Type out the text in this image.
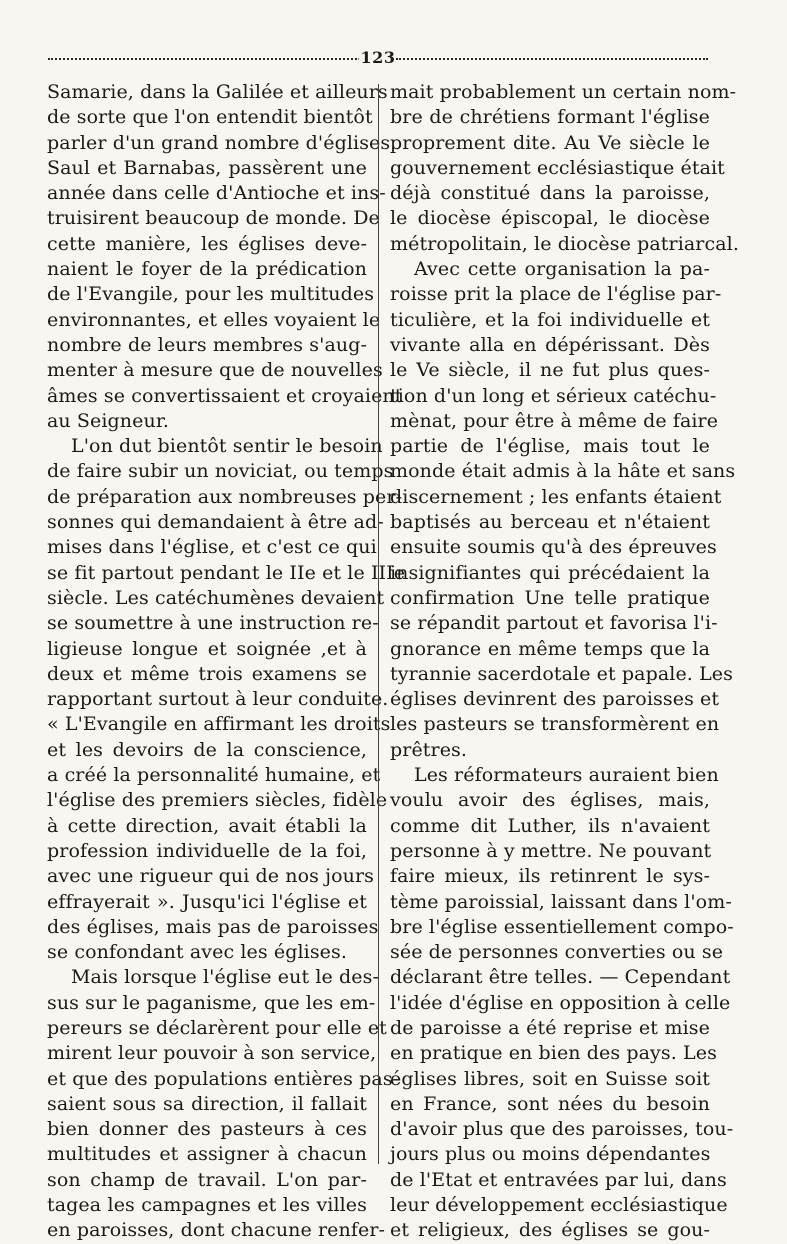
123
Samarie, dans la Galilée et ailleurs
de sorte que l'on entendit bientôt
parler d'un grand nombre d'églises.
Saul et Barnabas, passèrent une
année dans celle d'Antioche et ins-
truisirent beaucoup de monde. De
cette manière, les églises deve-
naient le foyer de la prédication
de l'Evangile, pour les multitudes
environnantes, et elles voyaient le
nombre de leurs membres s'aug-
menter à mesure que de nouvelles
âmes se convertissaient et croyaient
au Seigneur.
L'on dut bientôt sentir le besoin
de faire subir un noviciat, ou temps
de préparation aux nombreuses per-
sonnes qui demandaient à être ad-
mises dans l'église, et c'est ce qui
se fit partout pendant le IIe et le IIIe
siècle. Les catéchumènes devaient
se soumettre à une instruction re-
ligieuse longue et soignée ,et à
deux et même trois examens se
rapportant surtout à leur conduite.
« L'Evangile en affirmant les droits
et les devoirs de la conscience,
a créé la personnalité humaine, et
l'église des premiers siècles, fidèle
à cette direction, avait établi la
profession individuelle de la foi,
avec une rigueur qui de nos jours
effrayerait ». Jusqu'ici l'église et
des églises, mais pas de paroisses
se confondant avec les églises.
Mais lorsque l'église eut le des-
sus sur le paganisme, que les em-
pereurs se déclarèrent pour elle et
mirent leur pouvoir à son service,
et que des populations entières pas-
saient sous sa direction, il fallait
bien donner des pasteurs à ces
multitudes et assigner à chacun
son champ de travail. L'on par-
tagea les campagnes et les villes
en paroisses, dont chacune renfer-
mait probablement un certain nom-
bre de chrétiens formant l'église
proprement dite. Au Ve siècle le
gouvernement ecclésiastique était
déjà constitué dans la paroisse,
le diocèse épiscopal, le diocèse
métropolitain, le diocèse patriarcal.
Avec cette organisation la pa-
roisse prit la place de l'église par-
ticulière, et la foi individuelle et
vivante alla en dépérissant. Dès
le Ve siècle, il ne fut plus ques-
tion d'un long et sérieux catéchu-
mènat, pour être à même de faire
partie de l'église, mais tout le
monde était admis à la hâte et sans
discernement ; les enfants étaient
baptisés au berceau et n'étaient
ensuite soumis qu'à des épreuves
insignifiantes qui précédaient la
confirmation Une telle pratique
se répandit partout et favorisa l'i-
gnorance en même temps que la
tyrannie sacerdotale et papale. Les
églises devinrent des paroisses et
les pasteurs se transformèrent en
prêtres.
Les réformateurs auraient bien
voulu avoir des églises, mais,
comme dit Luther, ils n'avaient
personne à y mettre. Ne pouvant
faire mieux, ils retinrent le sys-
tème paroissial, laissant dans l'om-
bre l'église essentiellement compo-
sée de personnes converties ou se
déclarant être telles. — Cependant
l'idée d'église en opposition à celle
de paroisse a été reprise et mise
en pratique en bien des pays. Les
églises libres, soit en Suisse soit
en France, sont nées du besoin
d'avoir plus que des paroisses, tou-
jours plus ou moins dépendantes
de l'Etat et entravées par lui, dans
leur développement ecclésiastique
et religieux, des églises se gou-
